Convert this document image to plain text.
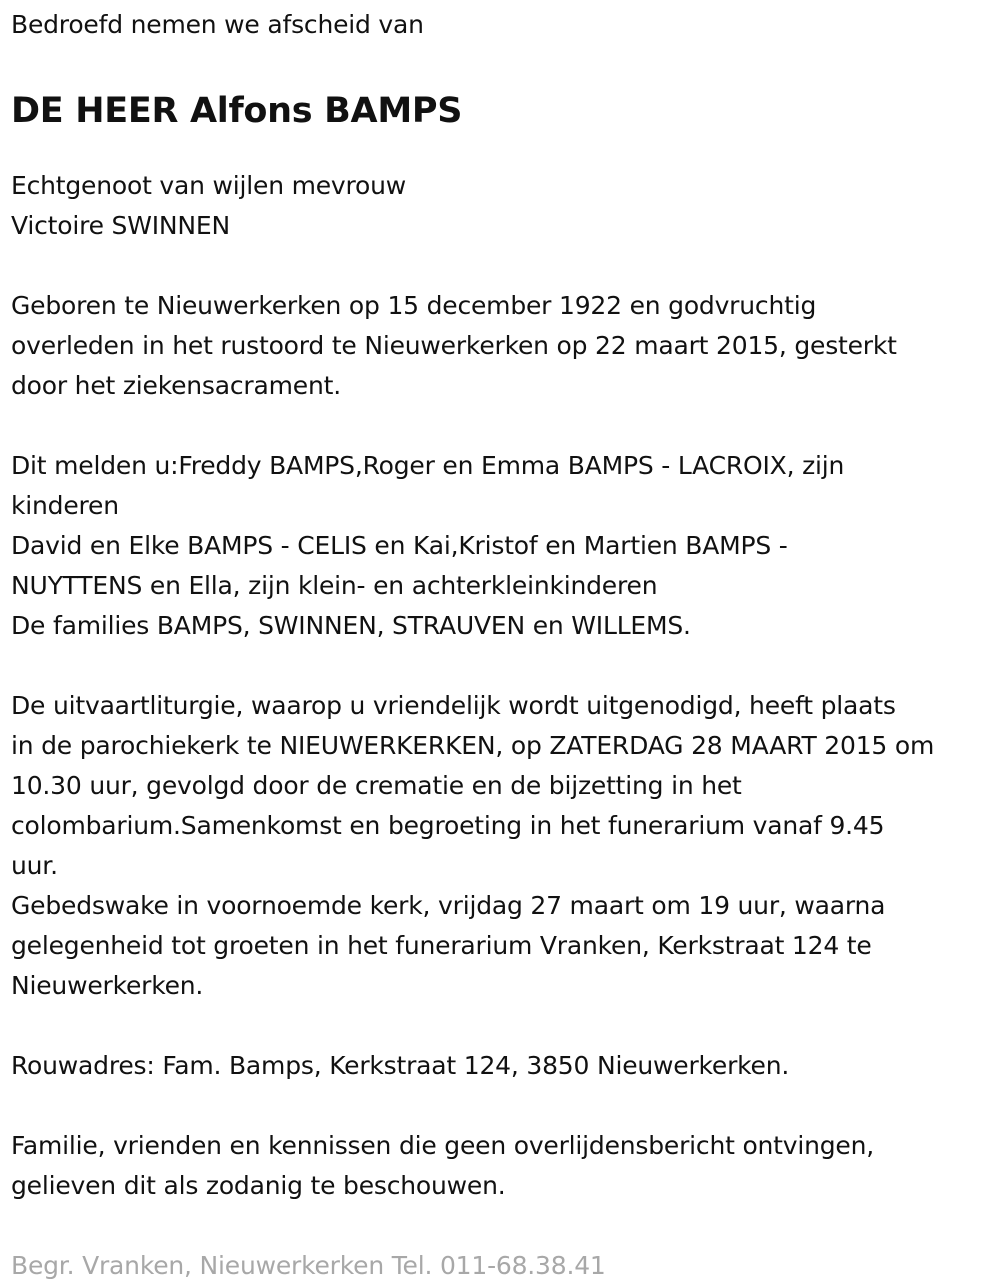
Bedroefd nemen we afscheid van

DE HEER Alfons BAMPS

Echtgenoot van wijlen mevrouw

Victoire SWINNEN

Geboren te Nieuwerkerken op 15 december 1922 en godvruchtig

overleden in het rustoord te Nieuwerkerken op 22 maart 2015, gesterkt

door het ziekensacrament.

Dit melden u:Freddy BAMPS,Roger en Emma BAMPS - LACROIX, zijn

kinderen

David en Elke BAMPS - CELIS en Kai,Kristof en Martien BAMPS -

NUYTTENS en Ella, zijn klein- en achterkleinkinderen

De families BAMPS, SWINNEN, STRAUVEN en WILLEMS.

De uitvaartliturgie, waarop u vriendelijk wordt uitgenodigd, heeft plaats

in de parochiekerk te NIEUWERKERKEN, op ZATERDAG 28 MAART 2015 om

10.30 uur, gevolgd door de crematie en de bijzetting in het

colombarium.Samenkomst en begroeting in het funerarium vanaf 9.45

uur.

Gebedswake in voornoemde kerk, vrijdag 27 maart om 19 uur, waarna

gelegenheid tot groeten in het funerarium Vranken, Kerkstraat 124 te

Nieuwerkerken.

Rouwadres: Fam. Bamps, Kerkstraat 124, 3850 Nieuwerkerken.

Familie, vrienden en kennissen die geen overlijdensbericht ontvingen,

gelieven dit als zodanig te beschouwen.

Begr. Vranken, Nieuwerkerken Tel. 011-68.38.41
